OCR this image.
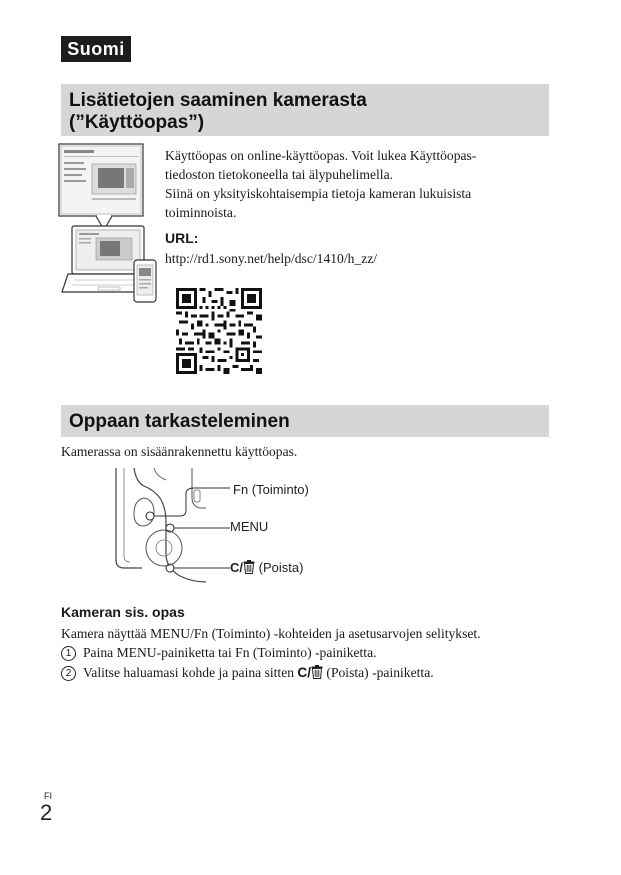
Suomi
Lisätietojen saaminen kamerasta
(”Käyttöopas”)
Käyttöopas on online-käyttöopas. Voit lukea Käyttöopas-
tiedoston tietokoneella tai älypuhelimella.
Siinä on yksityiskohtaisempia tietoja kameran lukuisista
toiminnoista.
URL:
http://rd1.sony.net/help/dsc/1410/h_zz/
Oppaan tarkasteleminen
Kamerassa on sisäänrakennettu käyttöopas.
Fn (Toiminto)
MENU
C/ (Poista)
Kameran sis. opas
Kamera näyttää MENU/Fn (Toiminto) -kohteiden ja asetusarvojen selitykset.
1 Paina MENU-painiketta tai Fn (Toiminto) -painiketta.
2 Valitse haluamasi kohde ja paina sitten C/ (Poista) -painiketta.
FI
2
